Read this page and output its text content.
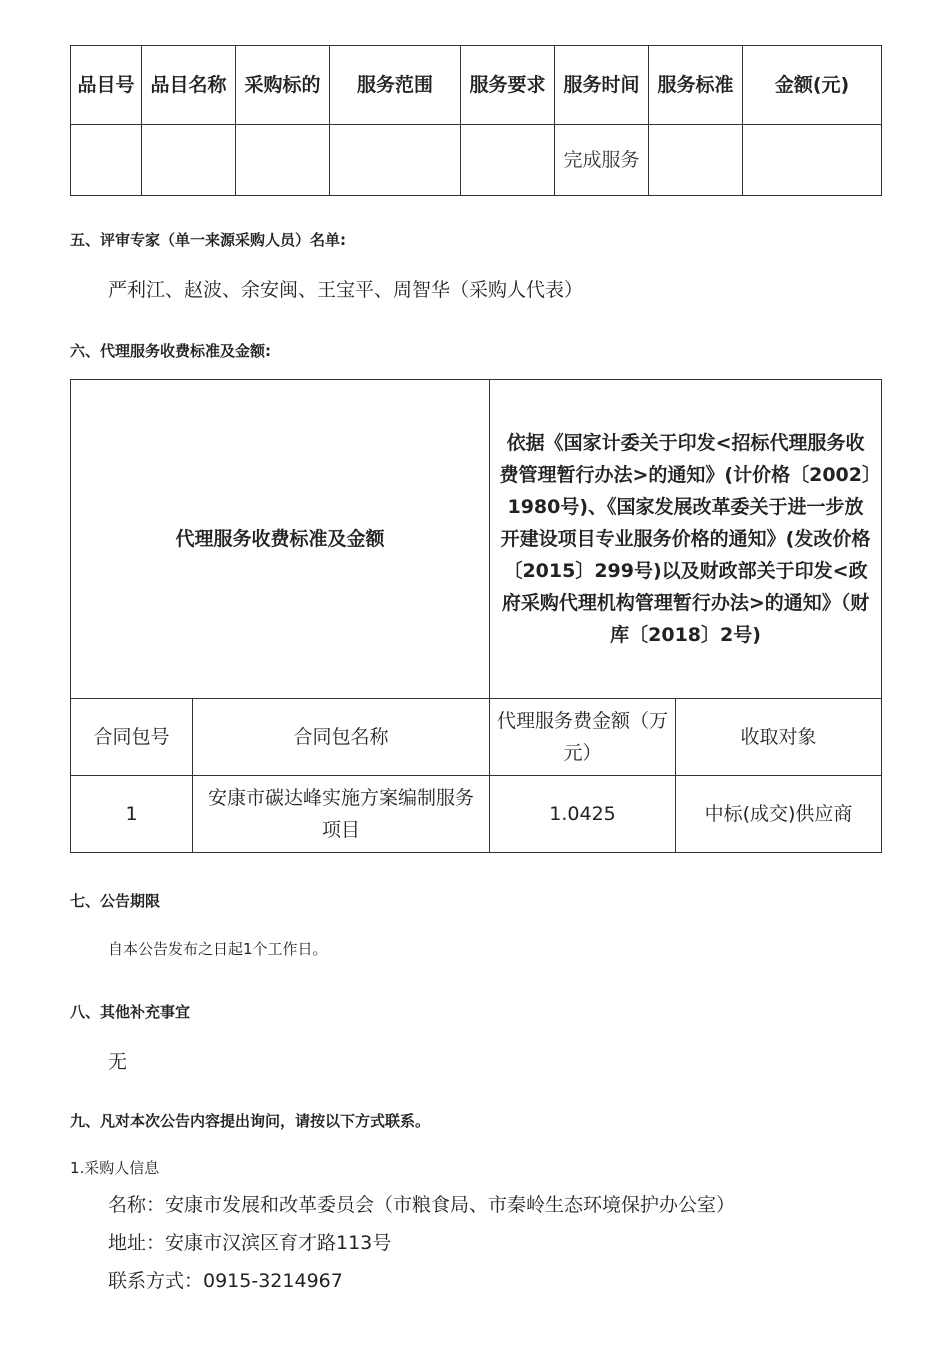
品目号	品目名称	采购标的	服务范围	服务要求	服务时间	服务标准	金额(元)
					完成服务		
五、评审专家（单一来源采购人员）名单:
严利江、赵波、余安闽、王宝平、周智华（采购人代表）
六、代理服务收费标准及金额:
代理服务收费标准及金额		依据《国家计委关于印发<招标代理服务收费管理暂行办法>的通知》(计价格〔2002〕1980号)、《国家发展改革委关于进一步放开建设项目专业服务价格的通知》(发改价格〔2015〕299号)以及财政部关于印发<政府采购代理机构管理暂行办法>的通知》（财库〔2018〕2号)	
合同包号	合同包名称	代理服务费金额（万元）	收取对象
1	安康市碳达峰实施方案编制服务项目	1.0425	中标(成交)供应商
七、公告期限
自本公告发布之日起1个工作日。
八、其他补充事宜
无
九、凡对本次公告内容提出询问，请按以下方式联系。
1.采购人信息
名称：安康市发展和改革委员会（市粮食局、市秦岭生态环境保护办公室）
地址：安康市汉滨区育才路113号
联系方式：0915-3214967
